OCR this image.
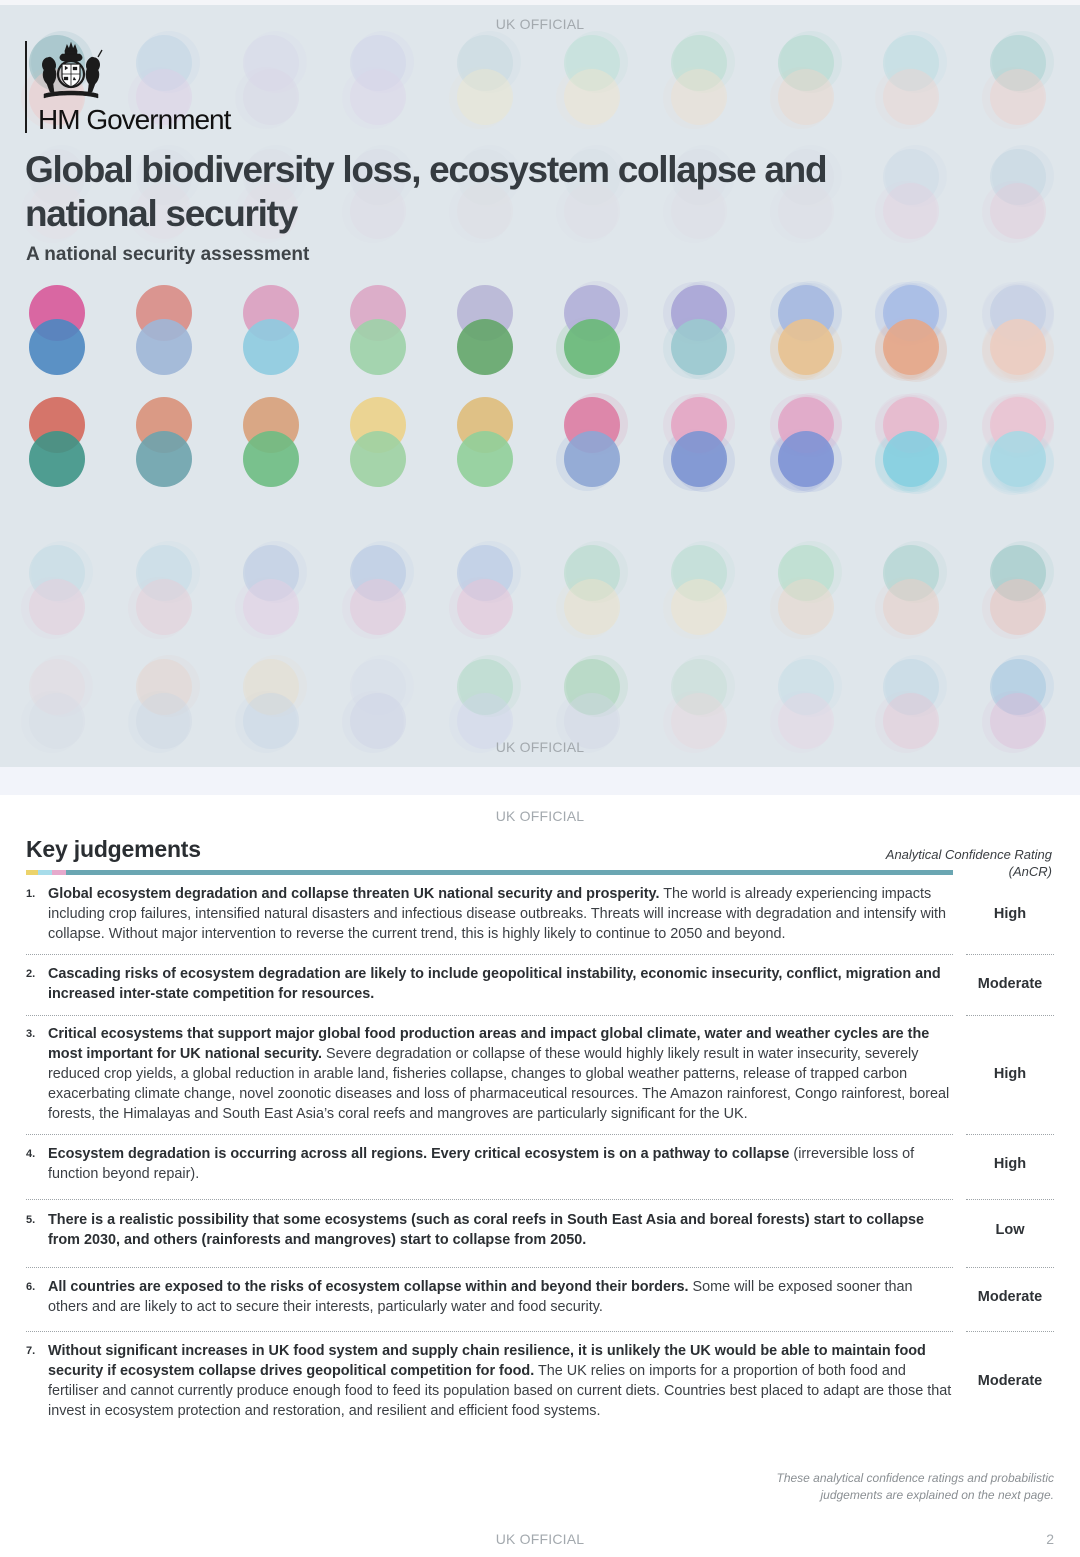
UK OFFICIAL
HM Government
Global biodiversity loss, ecosystem collapse and national security
A national security assessment
UK OFFICIAL
UK OFFICIAL
Key judgements	Analytical Confidence Rating (AnCR)
1. Global ecosystem degradation and collapse threaten UK national security and prosperity. The world is already experiencing impacts including crop failures, intensified natural disasters and infectious disease outbreaks. Threats will increase with degradation and intensify with collapse. Without major intervention to reverse the current trend, this is highly likely to continue to 2050 and beyond.
High
2. Cascading risks of ecosystem degradation are likely to include geopolitical instability, economic insecurity, conflict, migration and increased inter-state competition for resources.
Moderate
3. Critical ecosystems that support major global food production areas and impact global climate, water and weather cycles are the most important for UK national security. Severe degradation or collapse of these would highly likely result in water insecurity, severely reduced crop yields, a global reduction in arable land, fisheries collapse, changes to global weather patterns, release of trapped carbon exacerbating climate change, novel zoonotic diseases and loss of pharmaceutical resources. The Amazon rainforest, Congo rainforest, boreal forests, the Himalayas and South East Asia’s coral reefs and mangroves are particularly significant for the UK.
High
4. Ecosystem degradation is occurring across all regions. Every critical ecosystem is on a pathway to collapse (irreversible loss of function beyond repair).
High
5. There is a realistic possibility that some ecosystems (such as coral reefs in South East Asia and boreal forests) start to collapse from 2030, and others (rainforests and mangroves) start to collapse from 2050.
Low
6. All countries are exposed to the risks of ecosystem collapse within and beyond their borders. Some will be exposed sooner than others and are likely to act to secure their interests, particularly water and food security.
Moderate
7. Without significant increases in UK food system and supply chain resilience, it is unlikely the UK would be able to maintain food security if ecosystem collapse drives geopolitical competition for food. The UK relies on imports for a proportion of both food and fertiliser and cannot currently produce enough food to feed its population based on current diets. Countries best placed to adapt are those that invest in ecosystem protection and restoration, and resilient and efficient food systems.
Moderate
These analytical confidence ratings and probabilistic judgements are explained on the next page.
UK OFFICIAL	2
